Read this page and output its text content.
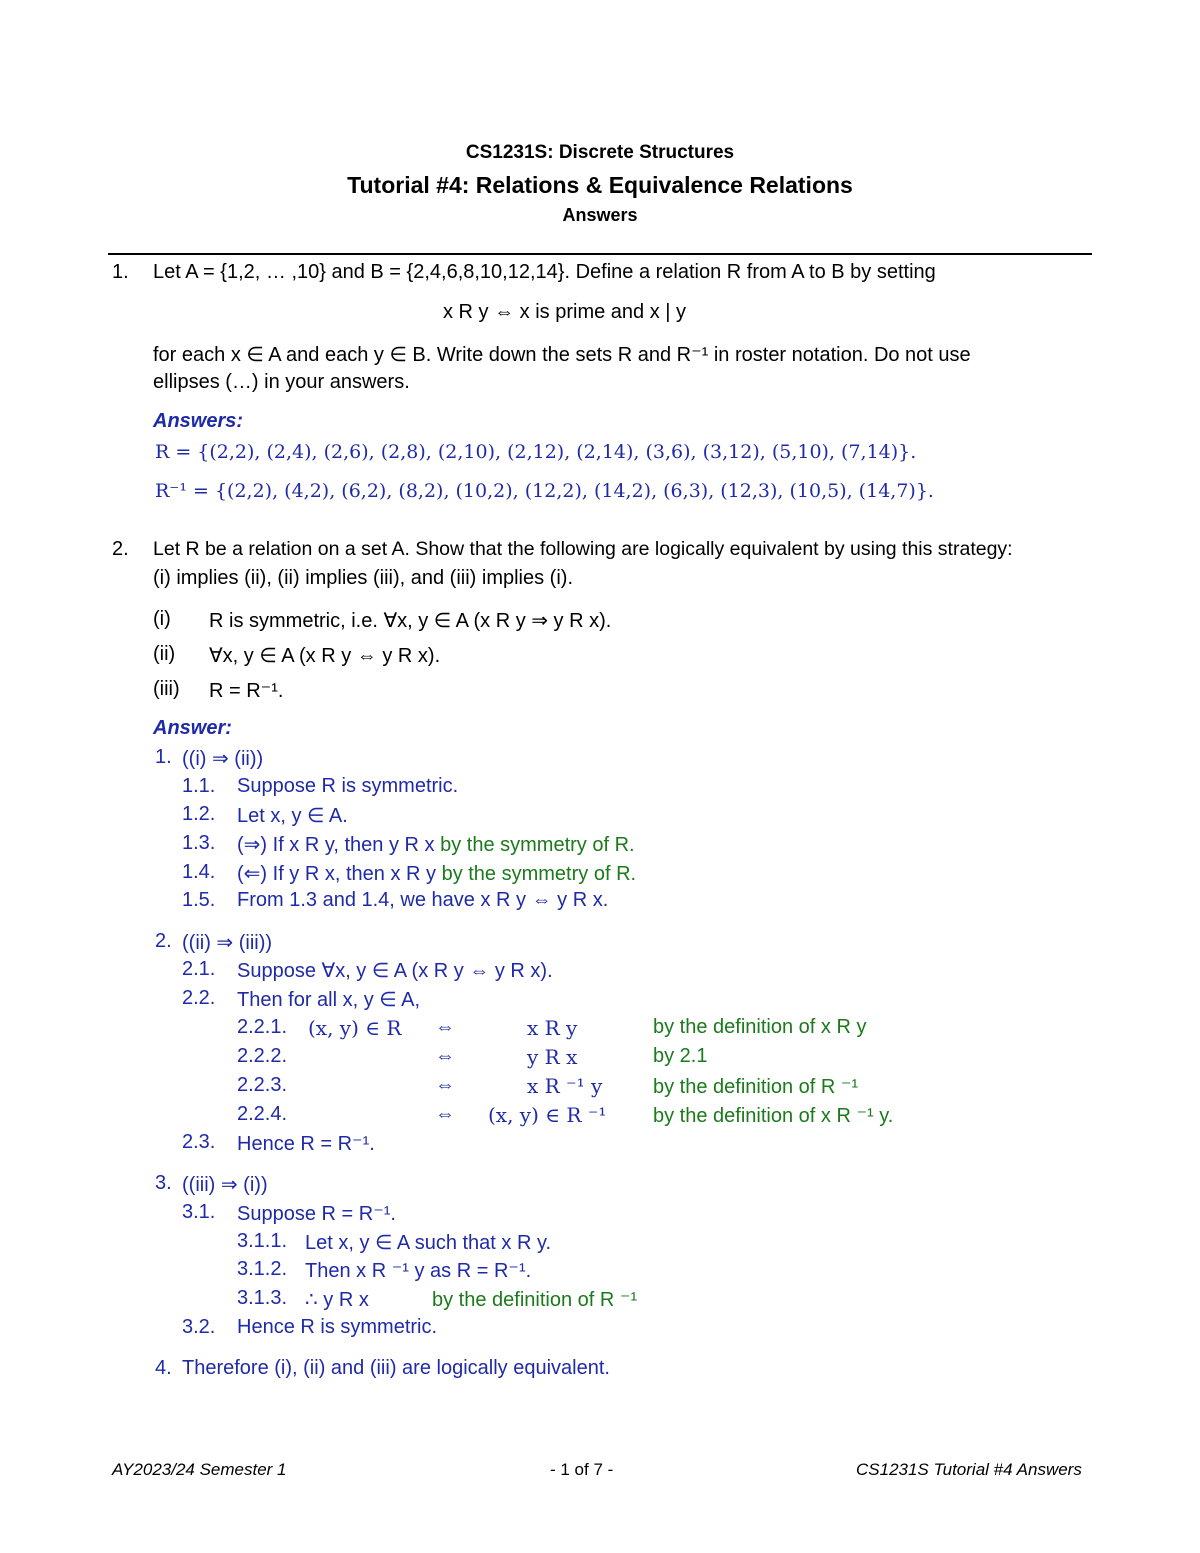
CS1231S: Discrete Structures
Tutorial #4: Relations & Equivalence Relations
Answers
1. Let A = {1,2, … ,10} and B = {2,4,6,8,10,12,14}. Define a relation R from A to B by setting
x R y ⇔ x is prime and x | y
for each x ∈ A and each y ∈ B. Write down the sets R and R⁻¹ in roster notation. Do not use
ellipses (…) in your answers.
Answers:
R = {(2,2), (2,4), (2,6), (2,8), (2,10), (2,12), (2,14), (3,6), (3,12), (5,10), (7,14)}.
R⁻¹ = {(2,2), (4,2), (6,2), (8,2), (10,2), (12,2), (14,2), (6,3), (12,3), (10,5), (14,7)}.
2. Let R be a relation on a set A. Show that the following are logically equivalent by using this strategy:
(i) implies (ii), (ii) implies (iii), and (iii) implies (i).
(i) R is symmetric, i.e. ∀x, y ∈ A (x R y ⇒ y R x).
(ii) ∀x, y ∈ A (x R y ⇔ y R x).
(iii) R = R⁻¹.
Answer:
1. ((i) ⇒ (ii))
1.1. Suppose R is symmetric.
1.2. Let x, y ∈ A.
1.3. (⇒) If x R y, then y R x by the symmetry of R.
1.4. (⇐) If y R x, then x R y by the symmetry of R.
1.5. From 1.3 and 1.4, we have x R y ⇔ y R x.
2. ((ii) ⇒ (iii))
2.1. Suppose ∀x, y ∈ A (x R y ⇔ y R x).
2.2. Then for all x, y ∈ A,
2.2.1. (x, y) ∈ R ⇔	x R y	by the definition of x R y
2.2.2.	⇔	y R x	by 2.1
2.2.3.	⇔	x R ⁻¹ y	by the definition of R ⁻¹
2.2.4.	⇔ (x, y) ∈ R ⁻¹ by the definition of x R ⁻¹ y.
2.3. Hence R = R⁻¹.
3. ((iii) ⇒ (i))
3.1. Suppose R = R⁻¹.
3.1.1. Let x, y ∈ A such that x R y.
3.1.2. Then x R ⁻¹ y as R = R⁻¹.
3.1.3. ∴ y R x	by the definition of R ⁻¹
3.2. Hence R is symmetric.
4. Therefore (i), (ii) and (iii) are logically equivalent.
AY2023/24 Semester 1	- 1 of 7 -	CS1231S Tutorial #4 Answers
